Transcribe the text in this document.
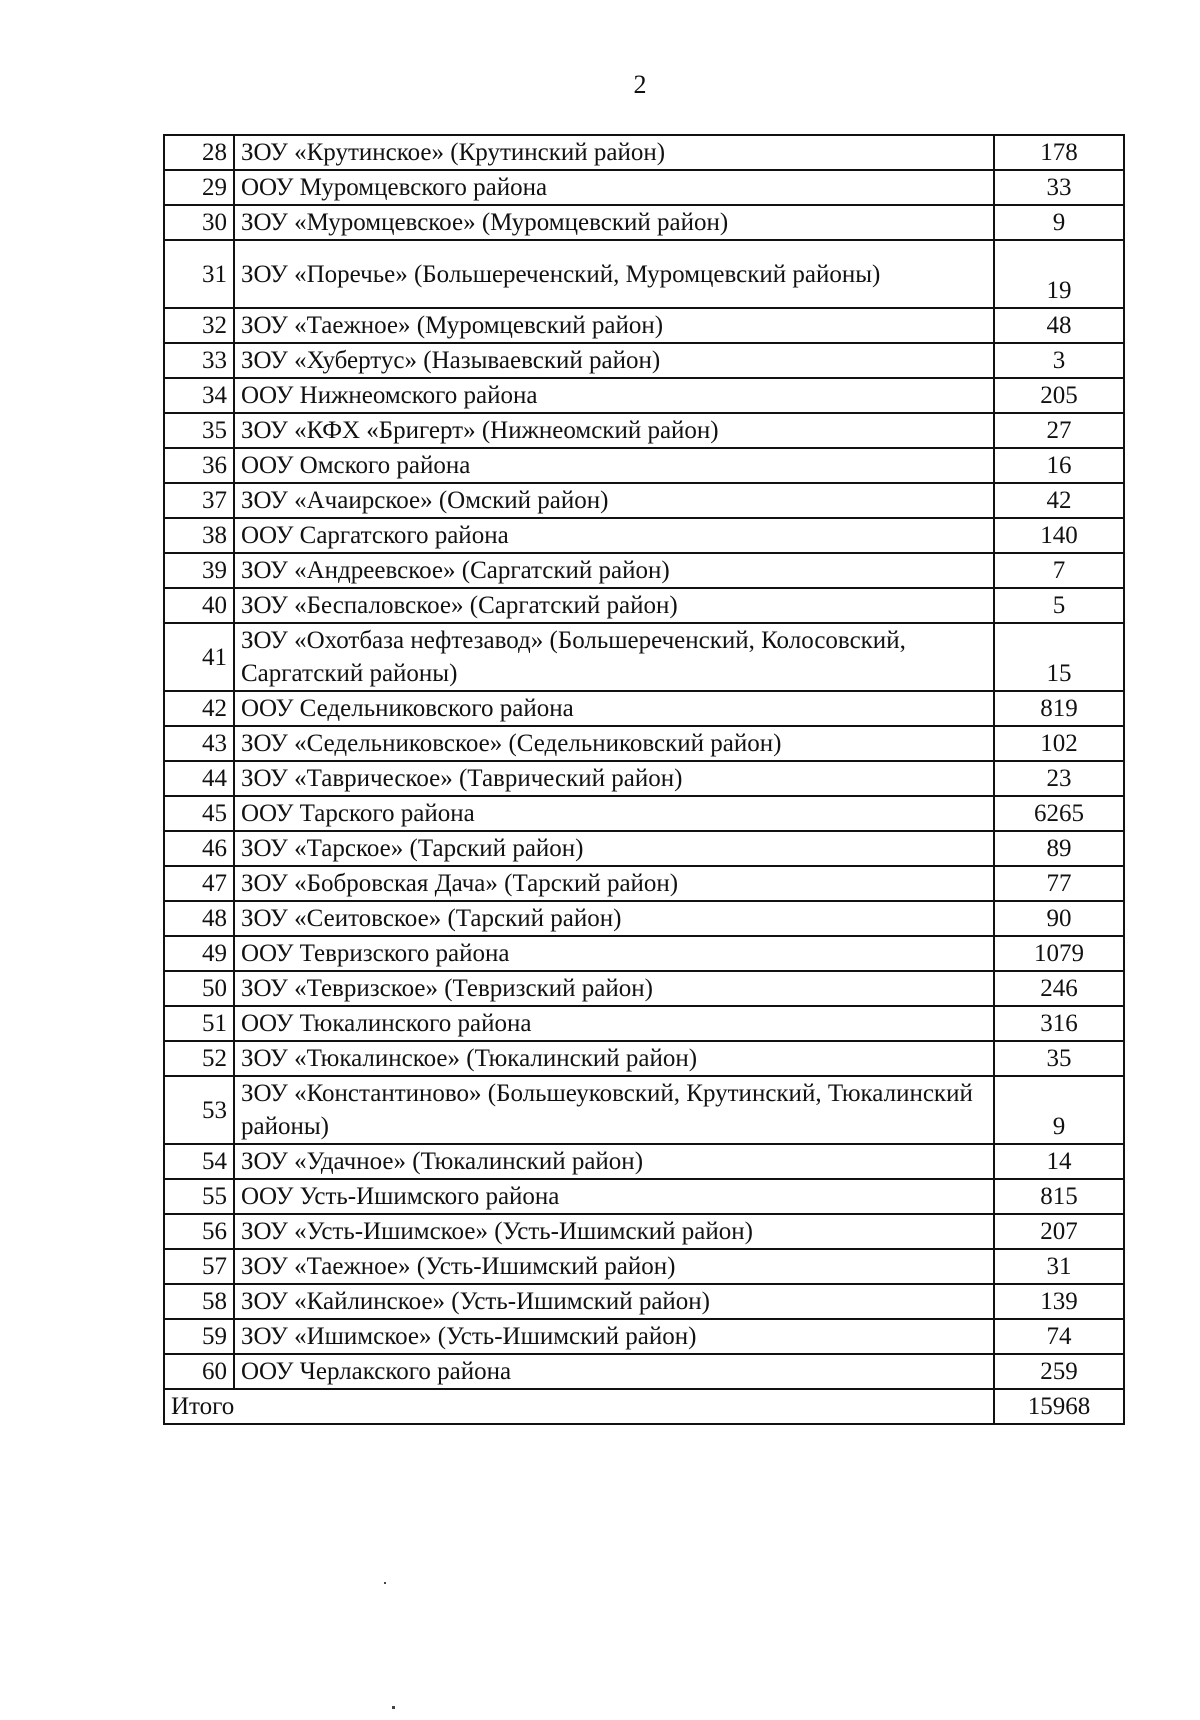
2
28	ЗОУ «Крутинское» (Крутинский район)	178
29	ООУ Муромцевского района	33
30	ЗОУ «Муромцевское» (Муромцевский район)	9
31	ЗОУ «Поречье» (Большереченский, Муромцевский районы)	19
32	ЗОУ «Таежное» (Муромцевский район)	48
33	ЗОУ «Хубертус» (Называевский район)	3
34	ООУ Нижнеомского района	205
35	ЗОУ «КФХ «Бригерт» (Нижнеомский район)	27
36	ООУ Омского района	16
37	ЗОУ «Ачаирское» (Омский район)	42
38	ООУ Саргатского района	140
39	ЗОУ «Андреевское» (Саргатский район)	7
40	ЗОУ «Беспаловское» (Саргатский район)	5
41	ЗОУ «Охотбаза нефтезавод» (Большереченский, Колосовский, Саргатский районы)	15
42	ООУ Седельниковского района	819
43	ЗОУ «Седельниковское» (Седельниковский район)	102
44	ЗОУ «Таврическое» (Таврический район)	23
45	ООУ Тарского района	6265
46	ЗОУ «Тарское» (Тарский район)	89
47	ЗОУ «Бобровская Дача» (Тарский район)	77
48	ЗОУ «Сеитовское» (Тарский район)	90
49	ООУ Тевризского района	1079
50	ЗОУ «Тевризское» (Тевризский район)	246
51	ООУ Тюкалинского района	316
52	ЗОУ «Тюкалинское» (Тюкалинский район)	35
53	ЗОУ «Константиново» (Большеуковский, Крутинский, Тюкалинский районы)	9
54	ЗОУ «Удачное» (Тюкалинский район)	14
55	ООУ Усть-Ишимского района	815
56	ЗОУ «Усть-Ишимское» (Усть-Ишимский район)	207
57	ЗОУ «Таежное» (Усть-Ишимский район)	31
58	ЗОУ «Кайлинское» (Усть-Ишимский район)	139
59	ЗОУ «Ишимское» (Усть-Ишимский район)	74
60	ООУ Черлакского района	259
Итого		15968
